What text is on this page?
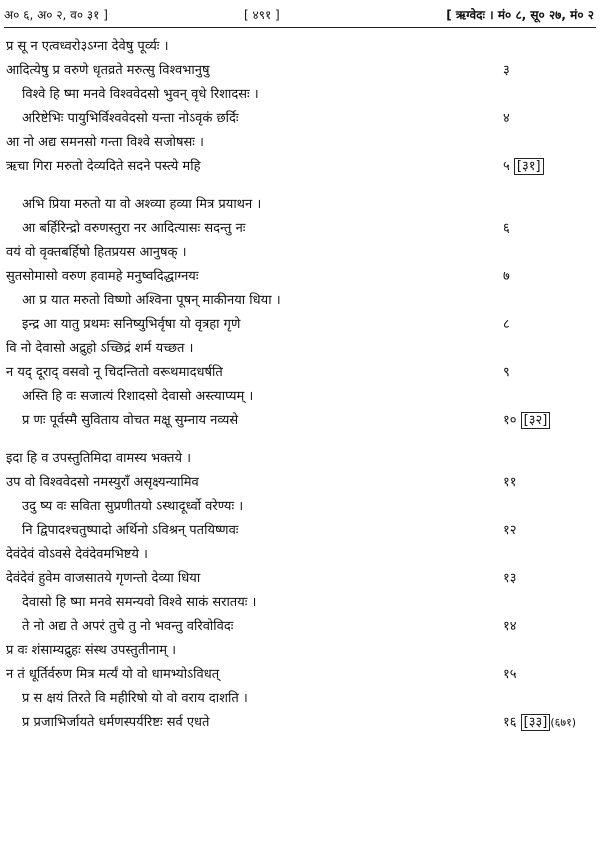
अ० ६, अ० २, व० ३१ ]	[ ४९१ ]	[ ऋग्वेदः । मं० ८, सू० २७, मं० २
प्र सू न एत्वध्वरो३ऽग्ना देवेषु पूर्व्यः ।
आदित्येषु प्र वरुणे धृतव्रते मरुत्सु विश्वभानुषु	३
विश्वे हि ष्मा मनवे विश्ववेदसो भुवन् वृधे रिशादसः ।
अरिष्टेभिः पायुभिर्विश्ववेदसो यन्ता नोऽवृकं छर्दिः	४
आ नो अद्य समनसो गन्ता विश्वे सजोषसः ।
ऋचा गिरा मरुतो देव्यदिते सदने पस्त्ये महि	५ [३१]
अभि प्रिया मरुतो या वो अश्व्या हव्या मित्र प्रयाथन ।
आ बर्हिरिन्द्रो वरुणस्तुरा नर आदित्यासः सदन्तु नः	६
वयं वो वृक्तबर्हिषो हितप्रयस आनुषक् ।
सुतसोमासो वरुण हवामहे मनुष्वदिद्धाग्नयः	७
आ प्र यात मरुतो विष्णो अश्विना पूषन् माकीनया धिया ।
इन्द्र आ यातु प्रथमः सनिष्युभिर्वृषा यो वृत्रहा गृणे	८
वि नो देवासो अद्रुहो ऽच्छिद्रं शर्म यच्छत ।
न यद् दूराद् वसवो नू चिदन्तितो वरूथमादधर्षति	९
अस्ति हि वः सजात्यं रिशादसो देवासो अस्त्याप्यम् ।
प्र णः पूर्वस्मै सुविताय वोचत मक्षू सुम्नाय नव्यसे	१० [३२]
इदा हि व उपस्तुतिमिदा वामस्य भक्तये ।
उप वो विश्ववेदसो नमस्युराँ असृक्ष्यन्यामिव	११
उदु ष्य वः सविता सुप्रणीतयो ऽस्थादूर्ध्वो वरेण्यः ।
नि द्विपादश्चतुष्पादो अर्थिनो ऽविश्रन् पतयिष्णवः	१२
देवंदेवं वोऽवसे देवंदेवमभिष्टये ।
देवंदेवं हुवेम वाजसातये गृणन्तो देव्या धिया	१३
देवासो हि ष्मा मनवे समन्यवो विश्वे साकं सरातयः ।
ते नो अद्य ते अपरं तुचे तु नो भवन्तु वरिवोविदः	१४
प्र वः शंसाम्यद्रुहः संस्थ उपस्तुतीनाम् ।
न तं धूर्तिर्वरुण मित्र मर्त्यं यो वो धामभ्योऽविधत्	१५
प्र स क्षयं तिरते वि महीरिषो यो वो वराय दाशति ।
प्र प्रजाभिर्जायते धर्मणस्पर्यरिष्टः सर्व एधते	१६ [३३] (६७१)
